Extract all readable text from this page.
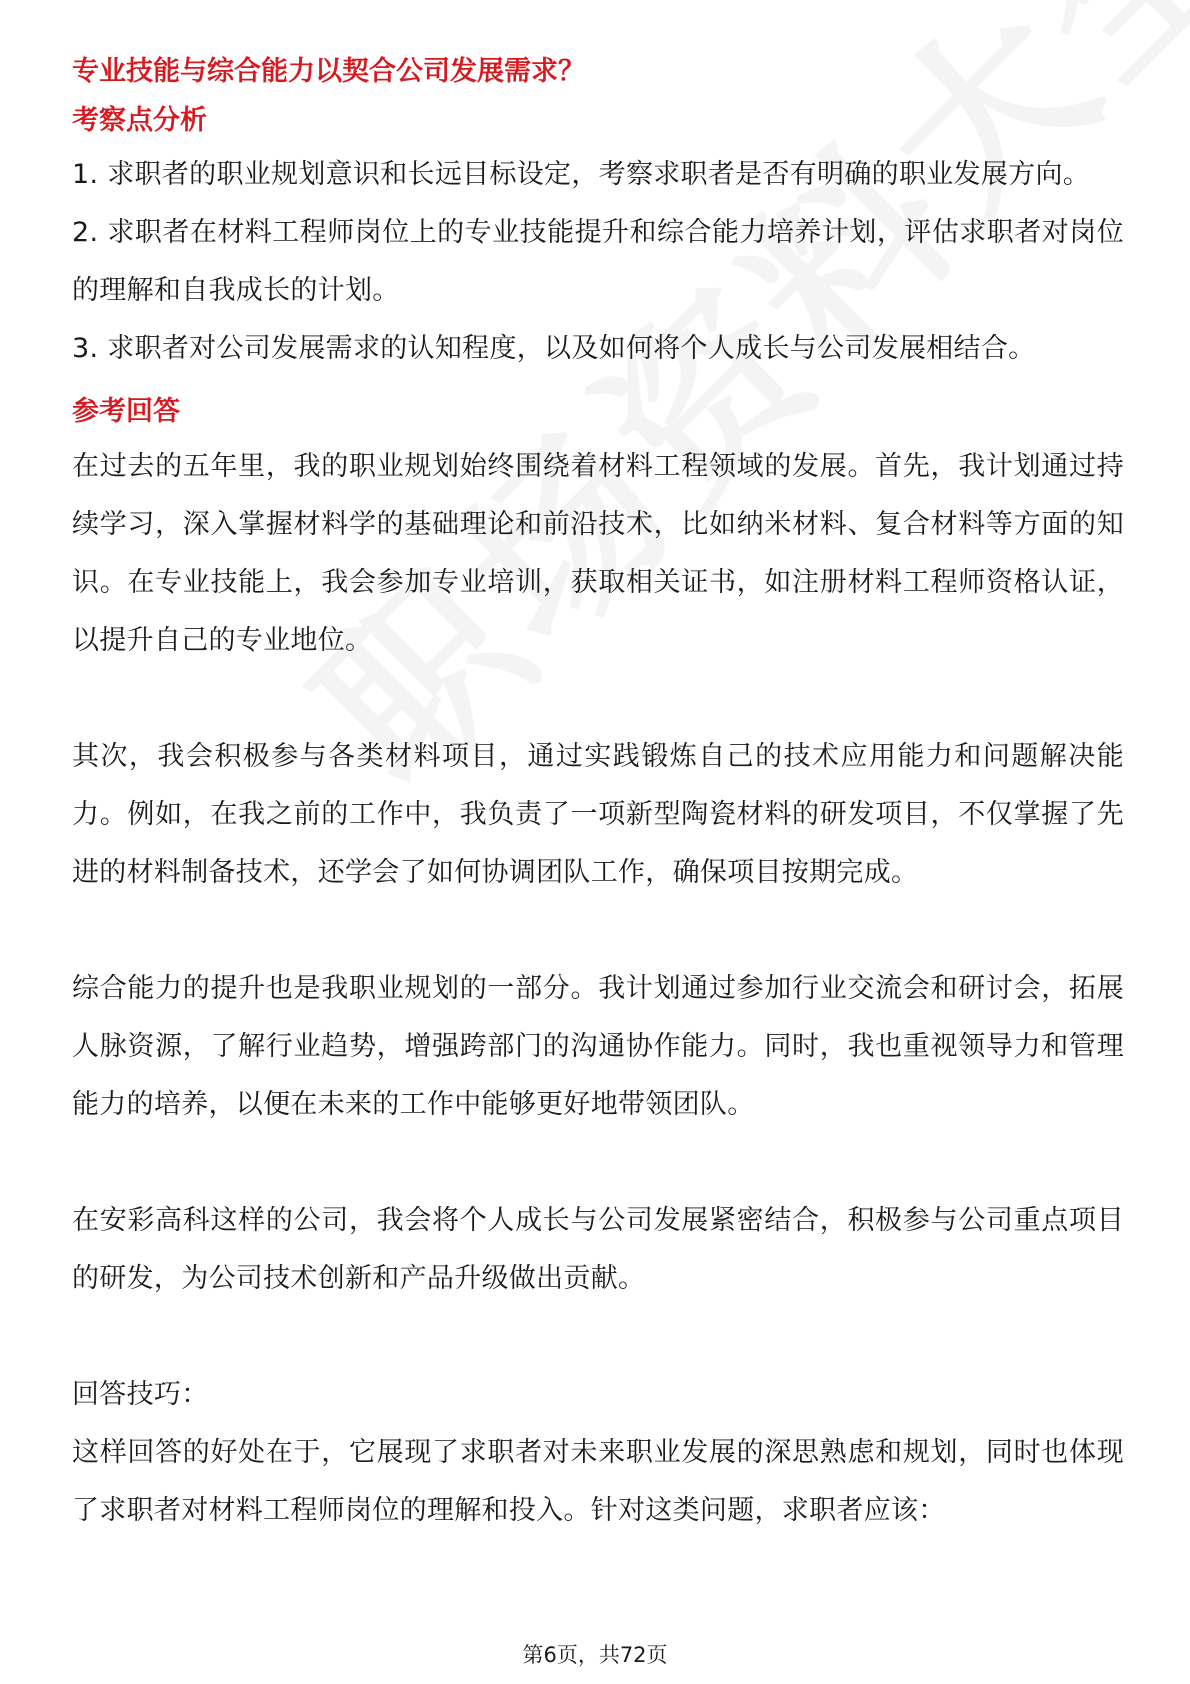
专业技能与综合能力以契合公司发展需求？
考察点分析

1. 求职者的职业规划意识和长远目标设定，考察求职者是否有明确的职业发展方向。

2. 求职者在材料工程师岗位上的专业技能提升和综合能力培养计划，评估求职者对岗位的理解和自我成长的计划。

3. 求职者对公司发展需求的认知程度，以及如何将个人成长与公司发展相结合。

参考回答

在过去的五年里，我的职业规划始终围绕着材料工程领域的发展。首先，我计划通过持续学习，深入掌握材料学的基础理论和前沿技术，比如纳米材料、复合材料等方面的知识。在专业技能上，我会参加专业培训，获取相关证书，如注册材料工程师资格认证，以提升自己的专业地位。

其次，我会积极参与各类材料项目，通过实践锻炼自己的技术应用能力和问题解决能力。例如，在我之前的工作中，我负责了一项新型陶瓷材料的研发项目，不仅掌握了先进的材料制备技术，还学会了如何协调团队工作，确保项目按期完成。

综合能力的提升也是我职业规划的一部分。我计划通过参加行业交流会和研讨会，拓展人脉资源，了解行业趋势，增强跨部门的沟通协作能力。同时，我也重视领导力和管理能力的培养，以便在未来的工作中能够更好地带领团队。

在安彩高科这样的公司，我会将个人成长与公司发展紧密结合，积极参与公司重点项目的研发，为公司技术创新和产品升级做出贡献。

回答技巧：

这样回答的好处在于，它展现了求职者对未来职业发展的深思熟虑和规划，同时也体现了求职者对材料工程师岗位的理解和投入。针对这类问题，求职者应该：

第6页，共72页
